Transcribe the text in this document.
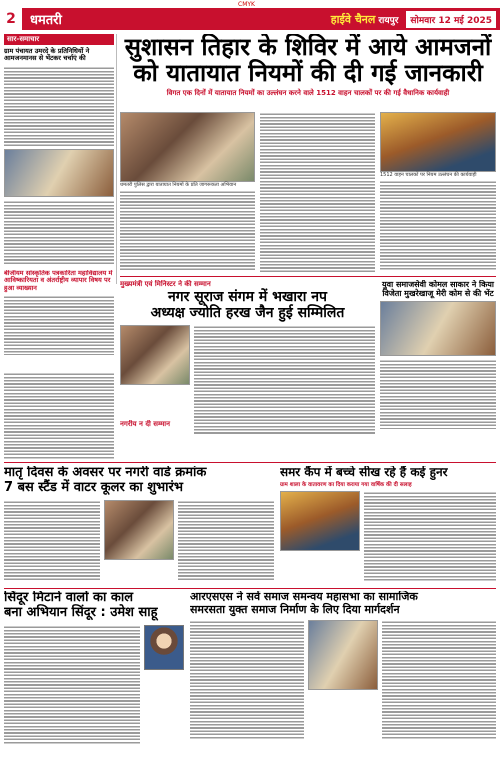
CMYK
2	धमतरी	हाईवे चैनल रायपुर	सोमवार 12 मई 2025
सार-समाचार
ग्राम पंचायत उमरदे के प्रतिनिधियों ने आमजनमानस से भेंटकर चर्चाएं की
बीजीयम सांस्कृतिक पत्रकारिता महाविद्यालय में आविष्कारियता व अंतर्राष्ट्रीय व्यापार विषय पर हुआ व्याख्यान
सुशासन तिहार के शिविर में आये आमजनों
को यातायात नियमों की दी गई जानकारी
विगत एक दिनों में यातायात नियमों का उल्लंघन करने वाले 1512 वाहन चालकों पर की गई वैधानिक कार्यवाही
धमतरी पुलिस द्वारा यातायात नियमों के प्रति जागरूकता अभियान
1512 वाहन चालकों पर नियम उल्लंघन की कार्यवाही
मुख्यमंत्री एवं मिनिस्टर ने की सम्मान
नगर सूराज संगम में भखारा नप
अध्यक्ष ज्योति हरख जैन हुई सम्मिलित
युवा समाजसेवी कोमल साकार ने किया विजेता मुखरेखाजू मेरी कोम से की भेंट
नगरीय न दी सम्मान
मातृ दिवस के अवसर पर नगरी वार्ड क्रमांक
7 बस स्टैंड में वाटर कूलर का शुभारंभ
समर कैंप में बच्चे सीख रहे हैं कई हुनर
ग्राम शाला के वातावरण का दिया कराया गया वार्षिक की दी सलाह
सिंदूर मिटाने वालों का काल
बना अभियान सिंदूर : उमेश साहू
आरएसएस ने सर्व समाज समन्वय महासभा का सामाजिक
समरसता युक्त समाज निर्माण के लिए दिया मार्गदर्शन
